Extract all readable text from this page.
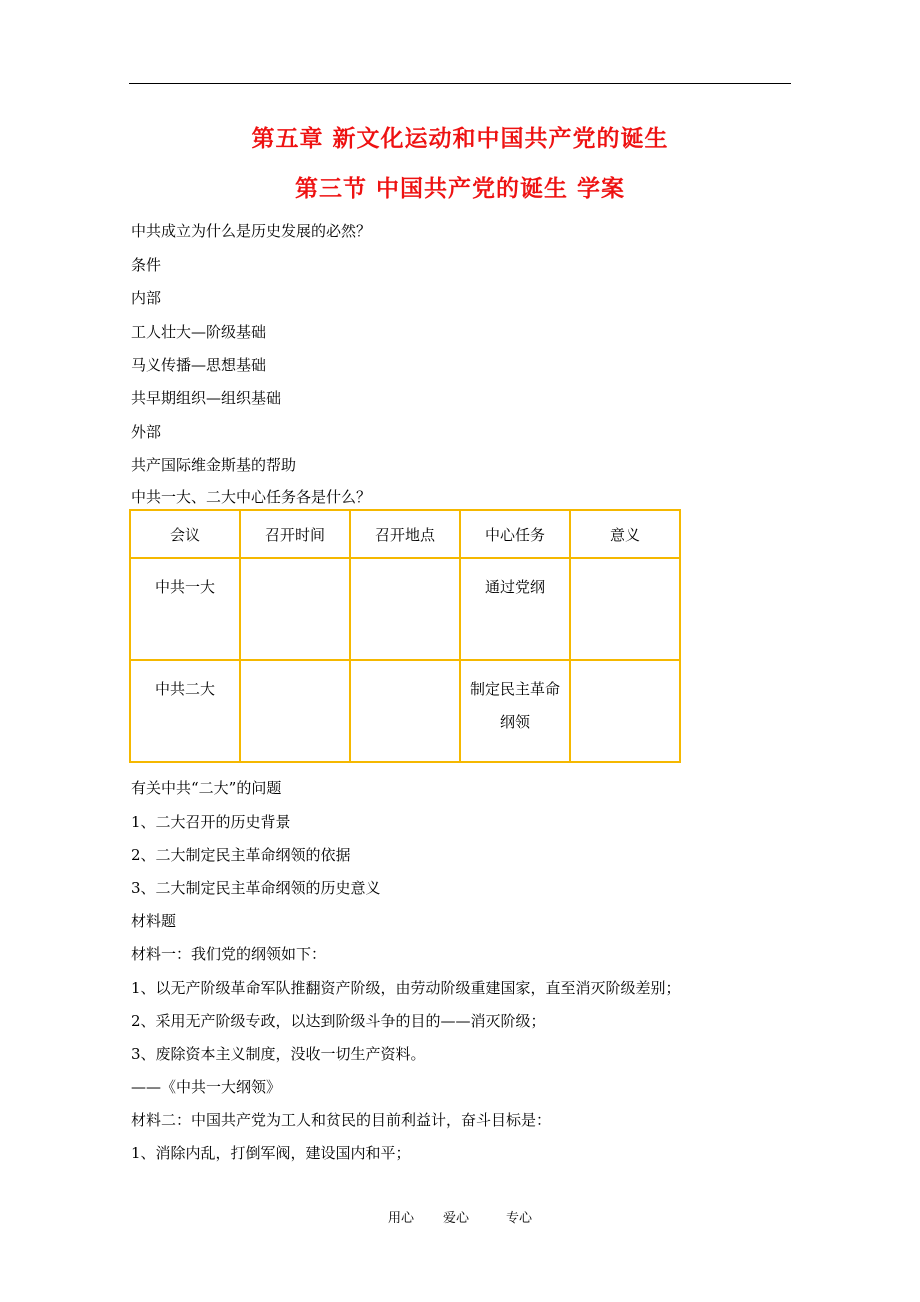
第五章 新文化运动和中国共产党的诞生
第三节 中国共产党的诞生 学案
中共成立为什么是历史发展的必然？
条件
内部
工人壮大—阶级基础
马义传播—思想基础
共早期组织—组织基础
外部
共产国际维金斯基的帮助
中共一大、二大中心任务各是什么？
会议	召开时间	召开地点	中心任务	意义

中共一大			通过党纲	

中共二大			制定民主革命纲领	

有关中共“二大”的问题
1、二大召开的历史背景
2、二大制定民主革命纲领的依据
3、二大制定民主革命纲领的历史意义
材料题
材料一：我们党的纲领如下：
1、以无产阶级革命军队推翻资产阶级，由劳动阶级重建国家，直至消灭阶级差别；
2、采用无产阶级专政，以达到阶级斗争的目的——消灭阶级；
3、废除资本主义制度，没收一切生产资料。
——《中共一大纲领》
材料二：中国共产党为工人和贫民的目前利益计，奋斗目标是：
1、消除内乱，打倒军阀，建设国内和平；
用心 爱心	专心
